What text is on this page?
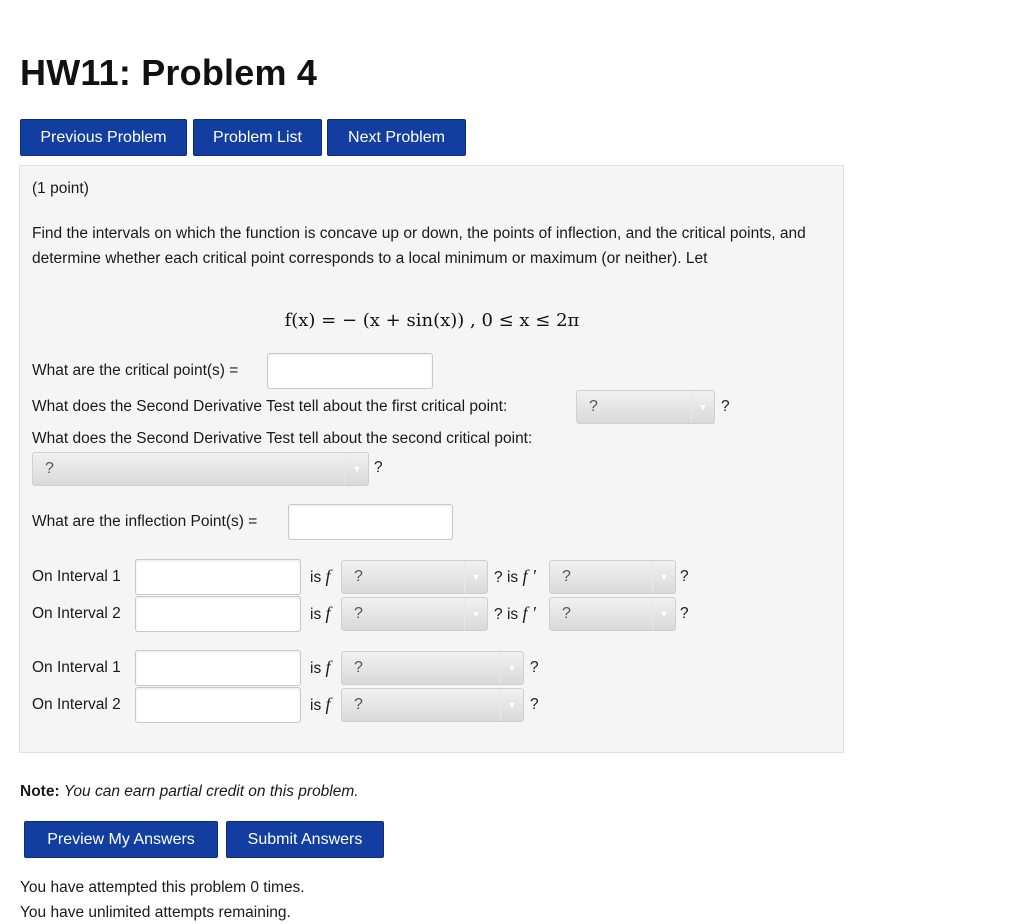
HW11: Problem 4
Previous Problem	Problem List	Next Problem
(1 point)

Find the intervals on which the function is concave up or down, the points of inflection, and the critical points, and determine whether each critical point corresponds to a local minimum or maximum (or neither). Let

f(x) = − (x + sin(x)) , 0 ≤ x ≤ 2π
What are the critical point(s) =
What does the Second Derivative Test tell about the first critical point:	?	▼ ?
What does the Second Derivative Test tell about the second critical point:
?	▼ ?
What are the inflection Point(s) =
On Interval 1	is f ?	▼ ? is f ′ ?	▼ ?
On Interval 2	is f ?	▼ ? is f ′ ?	▼ ?
On Interval 1	is f ?	▼ ?
On Interval 2	is f ?	▼ ?
Note: You can earn partial credit on this problem.
Preview My Answers	Submit Answers
You have attempted this problem 0 times.
You have unlimited attempts remaining.
